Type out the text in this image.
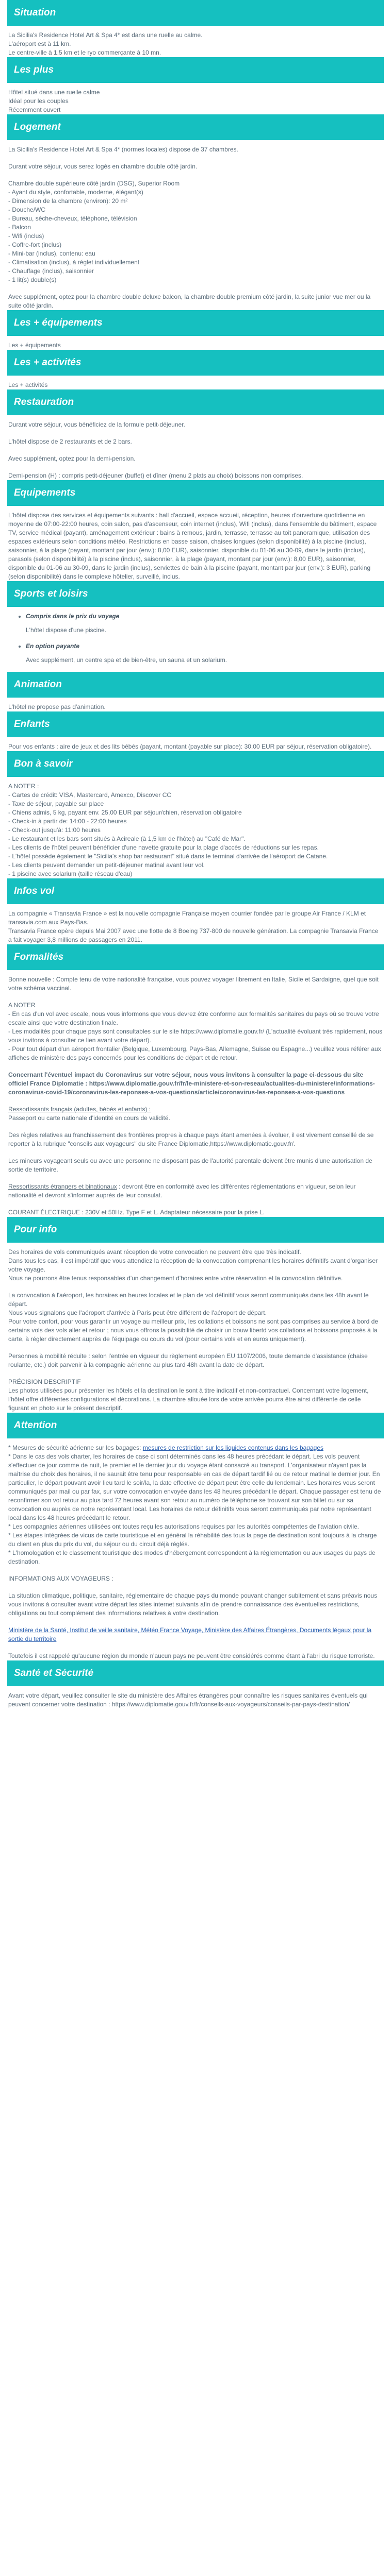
Situation

La Sicilia's Residence Hotel Art & Spa 4* est dans une ruelle au calme.

L'aéroport est à 11 km.

Le centre-ville à 1,5 km et le ryo commerçante à 10 mn.

Les plus

Hôtel situé dans une ruelle calme

Idéal pour les couples

Récemment ouvert

Logement

La Sicilia's Residence Hotel Art & Spa 4* (normes locales) dispose de 37 chambres.

Durant votre séjour, vous serez logés en chambre double côté jardin.

Chambre double supérieure côté jardin (DSG), Superior Room

- Ayant du style, confortable, moderne, élégant(s)

- Dimension de la chambre (environ): 20 m²

- Douche/WC

- Bureau, sèche-cheveux, téléphone, télévision

- Balcon

- Wifi (inclus)

- Coffre-fort (inclus)

- Mini-bar (inclus), contenu: eau

- Climatisation (inclus), à réglet individuellement

- Chauffage (inclus), saisonnier

- 1 lit(s) double(s)

Avec supplément, optez pour la chambre double deluxe balcon, la chambre double premium côté jardin, la suite junior vue mer ou la suite côté jardin.

Les + équipements

Les + équipements

Les + activités

Les + activités

Restauration

Durant votre séjour, vous bénéficiez de la formule petit-déjeuner.

L'hôtel dispose de 2 restaurants et de 2 bars.

Avec supplément, optez pour la demi-pension.

Demi-pension (H) : compris petit-déjeuner (buffet) et dîner (menu 2 plats au choix) boissons non comprises.

Equipements

L'hôtel dispose des services et équipements suivants : hall d'accueil, espace accueil, réception, heures d'ouverture quotidienne en moyenne de 07:00-22:00 heures, coin salon, pas d'ascenseur, coin internet (inclus), Wifi (inclus), dans l'ensemble du bâtiment, espace TV, service médical (payant), aménagement extérieur : bains à remous, jardin, terrasse, terrasse au toit panoramique, utilisation des espaces extérieurs selon conditions météo. Restrictions en basse saison, chaises longues (selon disponibilité) à la piscine (inclus), saisonnier, à la plage (payant, montant par jour (env.): 8,00 EUR), saisonnier, disponible du 01-06 au 30-09, dans le jardin (inclus), parasols (selon disponibilité) à la piscine (inclus), saisonnier, à la plage (payant, montant par jour (env.): 8,00 EUR), saisonnier, disponible du 01-06 au 30-09, dans le jardin (inclus), serviettes de bain à la piscine (payant, montant par jour (env.): 3 EUR), parking (selon disponibilité) dans le complexe hôtelier, surveillé, inclus.

Sports et loisirs
• Compris dans le prix du voyage
L'hôtel dispose d'une piscine.
• En option payante
Avec supplément, un centre spa et de bien-être, un sauna et un solarium.
Animation

L'hôtel ne propose pas d'animation.

Enfants

Pour vos enfants : aire de jeux et des lits bébés (payant, montant (payable sur place): 30,00 EUR par séjour, réservation obligatoire).

Bon à savoir

A NOTER :

- Cartes de crédit: VISA, Mastercard, Amexco, Discover CC

- Taxe de séjour, payable sur place

- Chiens admis, 5 kg, payant env. 25,00 EUR par séjour/chien, réservation obligatoire

- Check-in à partir de: 14:00 - 22:00 heures

- Check-out jusqu'à: 11:00 heures

- Le restaurant et les bars sont situés à Acireale (à 1,5 km de l'hôtel) au "Café de Mar".

- Les clients de l'hôtel peuvent bénéficier d'une navette gratuite pour la plage d'accès de réductions sur les repas.

- L'hôtel possède également le "Sicilia's shop bar restaurant" situé dans le terminal d'arrivée de l'aéroport de Catane.

- Les clients peuvent demander un petit-déjeuner matinal avant leur vol.

- 1 piscine avec solarium (taille réseau d'eau)

Infos vol

La compagnie « Transavia France » est la nouvelle compagnie Française moyen courrier fondée par le groupe Air France / KLM et transavia.com aux Pays-Bas.

Transavia France opère depuis Mai 2007 avec une flotte de 8 Boeing 737-800 de nouvelle génération. La compagnie Transavia France a fait voyager 3,8 millions de passagers en 2011.

Formalités

Bonne nouvelle : Compte tenu de votre nationalité française, vous pouvez voyager librement en Italie, Sicile et Sardaigne, quel que soit votre schéma vaccinal.

A NOTER

- En cas d'un vol avec escale, nous vous informons que vous devrez être conforme aux formalités sanitaires du pays où se trouve votre escale ainsi que votre destination finale.

- Les modalités pour chaque pays sont consultables sur le site https://www.diplomatie.gouv.fr/ (L'actualité évoluant très rapidement, nous vous invitons à consulter ce lien avant votre départ).

- Pour tout départ d'un aéroport frontalier (Belgique, Luxembourg, Pays-Bas, Allemagne, Suisse ou Espagne...) veuillez vous référer aux affiches de ministère des pays concernés pour les conditions de départ et de retour.

Concernant l'éventuel impact du Coronavirus sur votre séjour, nous vous invitons à consulter la page ci-dessous du site officiel France Diplomatie : https://www.diplomatie.gouv.fr/fr/le-ministere-et-son-reseau/actualites-du-ministere/informations-coronavirus-covid-19/coronavirus-les-reponses-a-vos-questions/article/coronavirus-les-reponses-a-vos-questions

Ressortissants français (adultes, bébés et enfants) :

Passeport ou carte nationale d'identité en cours de validité.

Des règles relatives au franchissement des frontières propres à chaque pays étant amenées à évoluer, il est vivement conseillé de se reporter à la rubrique "conseils aux voyageurs" du site France Diplomatie,https://www.diplomatie.gouv.fr/.

Les mineurs voyageant seuls ou avec une personne ne disposant pas de l'autorité parentale doivent être munis d'une autorisation de sortie de territoire.

Ressortissants étrangers et binationaux : devront être en conformité avec les différentes réglementations en vigueur, selon leur nationalité et devront s'informer auprès de leur consulat.

COURANT ÉLECTRIQUE : 230V et 50Hz. Type F et L. Adaptateur nécessaire pour la prise L.

Pour info

Des horaires de vols communiqués avant réception de votre convocation ne peuvent être que très indicatif.

Dans tous les cas, il est impératif que vous attendiez la réception de la convocation comprenant les horaires définitifs avant d'organiser votre voyage.

Nous ne pourrons être tenus responsables d'un changement d'horaires entre votre réservation et la convocation définitive.

La convocation à l'aéroport, les horaires en heures locales et le plan de vol définitif vous seront communiqués dans les 48h avant le départ.

Nous vous signalons que l'aéroport d'arrivée à Paris peut être différent de l'aéroport de départ.

Pour votre confort, pour vous garantir un voyage au meilleur prix, les collations et boissons ne sont pas comprises au service à bord de certains vols des vols aller et retour ; nous vous offrons la possibilité de choisir un bouw libertd vos collations et boissons proposés à la carte, à régler directement auprès de l'équipage ou cours du vol (pour certains vols et en euros uniquement).

Personnes à mobilité réduite : selon l'entrée en vigueur du règlement européen EU 1107/2006, toute demande d'assistance (chaise roulante, etc.) doit parvenir à la compagnie aérienne au plus tard 48h avant la date de départ.

PRÉCISION DESCRIPTIF

Les photos utilisées pour présenter les hôtels et la destination le sont à titre indicatif et non-contractuel. Concernant votre logement, l'hôtel offre différentes configurations et décorations. La chambre allouée lors de votre arrivée pourra être ainsi différente de celle figurant en photo sur le présent descriptif.

Attention

* Mesures de sécurité aérienne sur les bagages: mesures de restriction sur les liquides contenus dans les bagages

* Dans le cas des vols charter, les horaires de case ci sont déterminés dans les 48 heures précédant le départ. Les vols peuvent s'effectuer de jour comme de nuit, le premier et le dernier jour du voyage étant consacré au transport. L'organisateur n'ayant pas la maîtrise du choix des horaires, il ne saurait être tenu pour responsable en cas de départ tardif lié ou de retour matinal le dernier jour. En particulier, le départ pouvant avoir lieu tard le soir/la, la date effective de départ peut être celle du lendemain. Les horaires vous seront communiqués par mail ou par fax, sur votre convocation envoyée dans les 48 heures précédant le départ. Chaque passager est tenu de reconfirmer son vol retour au plus tard 72 heures avant son retour au numéro de téléphone se trouvant sur son billet ou sur sa convocation ou auprès de notre représentant local. Les horaires de retour définitifs vous seront communiqués par notre représentant local dans les 48 heures précédant le retour.

* Les compagnies aériennes utilisées ont toutes reçu les autorisations requises par les autorités compétentes de l'aviation civile.

* Les étapes intégrées de vicus de carte touristique et en général la réhabilité des tous la page de destination sont toujours à la charge du client en plus du prix du vol, du séjour ou du circuit déjà réglés.

* L'homologation et le classement touristique des modes d'hébergement correspondent à la réglementation ou aux usages du pays de destination.

INFORMATIONS AUX VOYAGEURS :

La situation climatique, politique, sanitaire, réglementaire de chaque pays du monde pouvant changer subitement et sans préavis nous vous invitons à consulter avant votre départ les sites internet suivants afin de prendre connaissance des éventuelles restrictions, obligations ou tout complément des informations relatives à votre destination.

Ministère de la Santé, Institut de veille sanitaire, Météo France Voyage, Ministère des Affaires Étrangères, Documents légaux pour la sortie du territoire

Toutefois il est rappelé qu'aucune région du monde n'aucun pays ne peuvent être considérés comme étant à l'abri du risque terroriste.

Santé et Sécurité

Avant votre départ, veuillez consulter le site du ministère des Affaires étrangères pour connaître les risques sanitaires éventuels qui peuvent concerner votre destination : https://www.diplomatie.gouv.fr/fr/conseils-aux-voyageurs/conseils-par-pays-destination/
